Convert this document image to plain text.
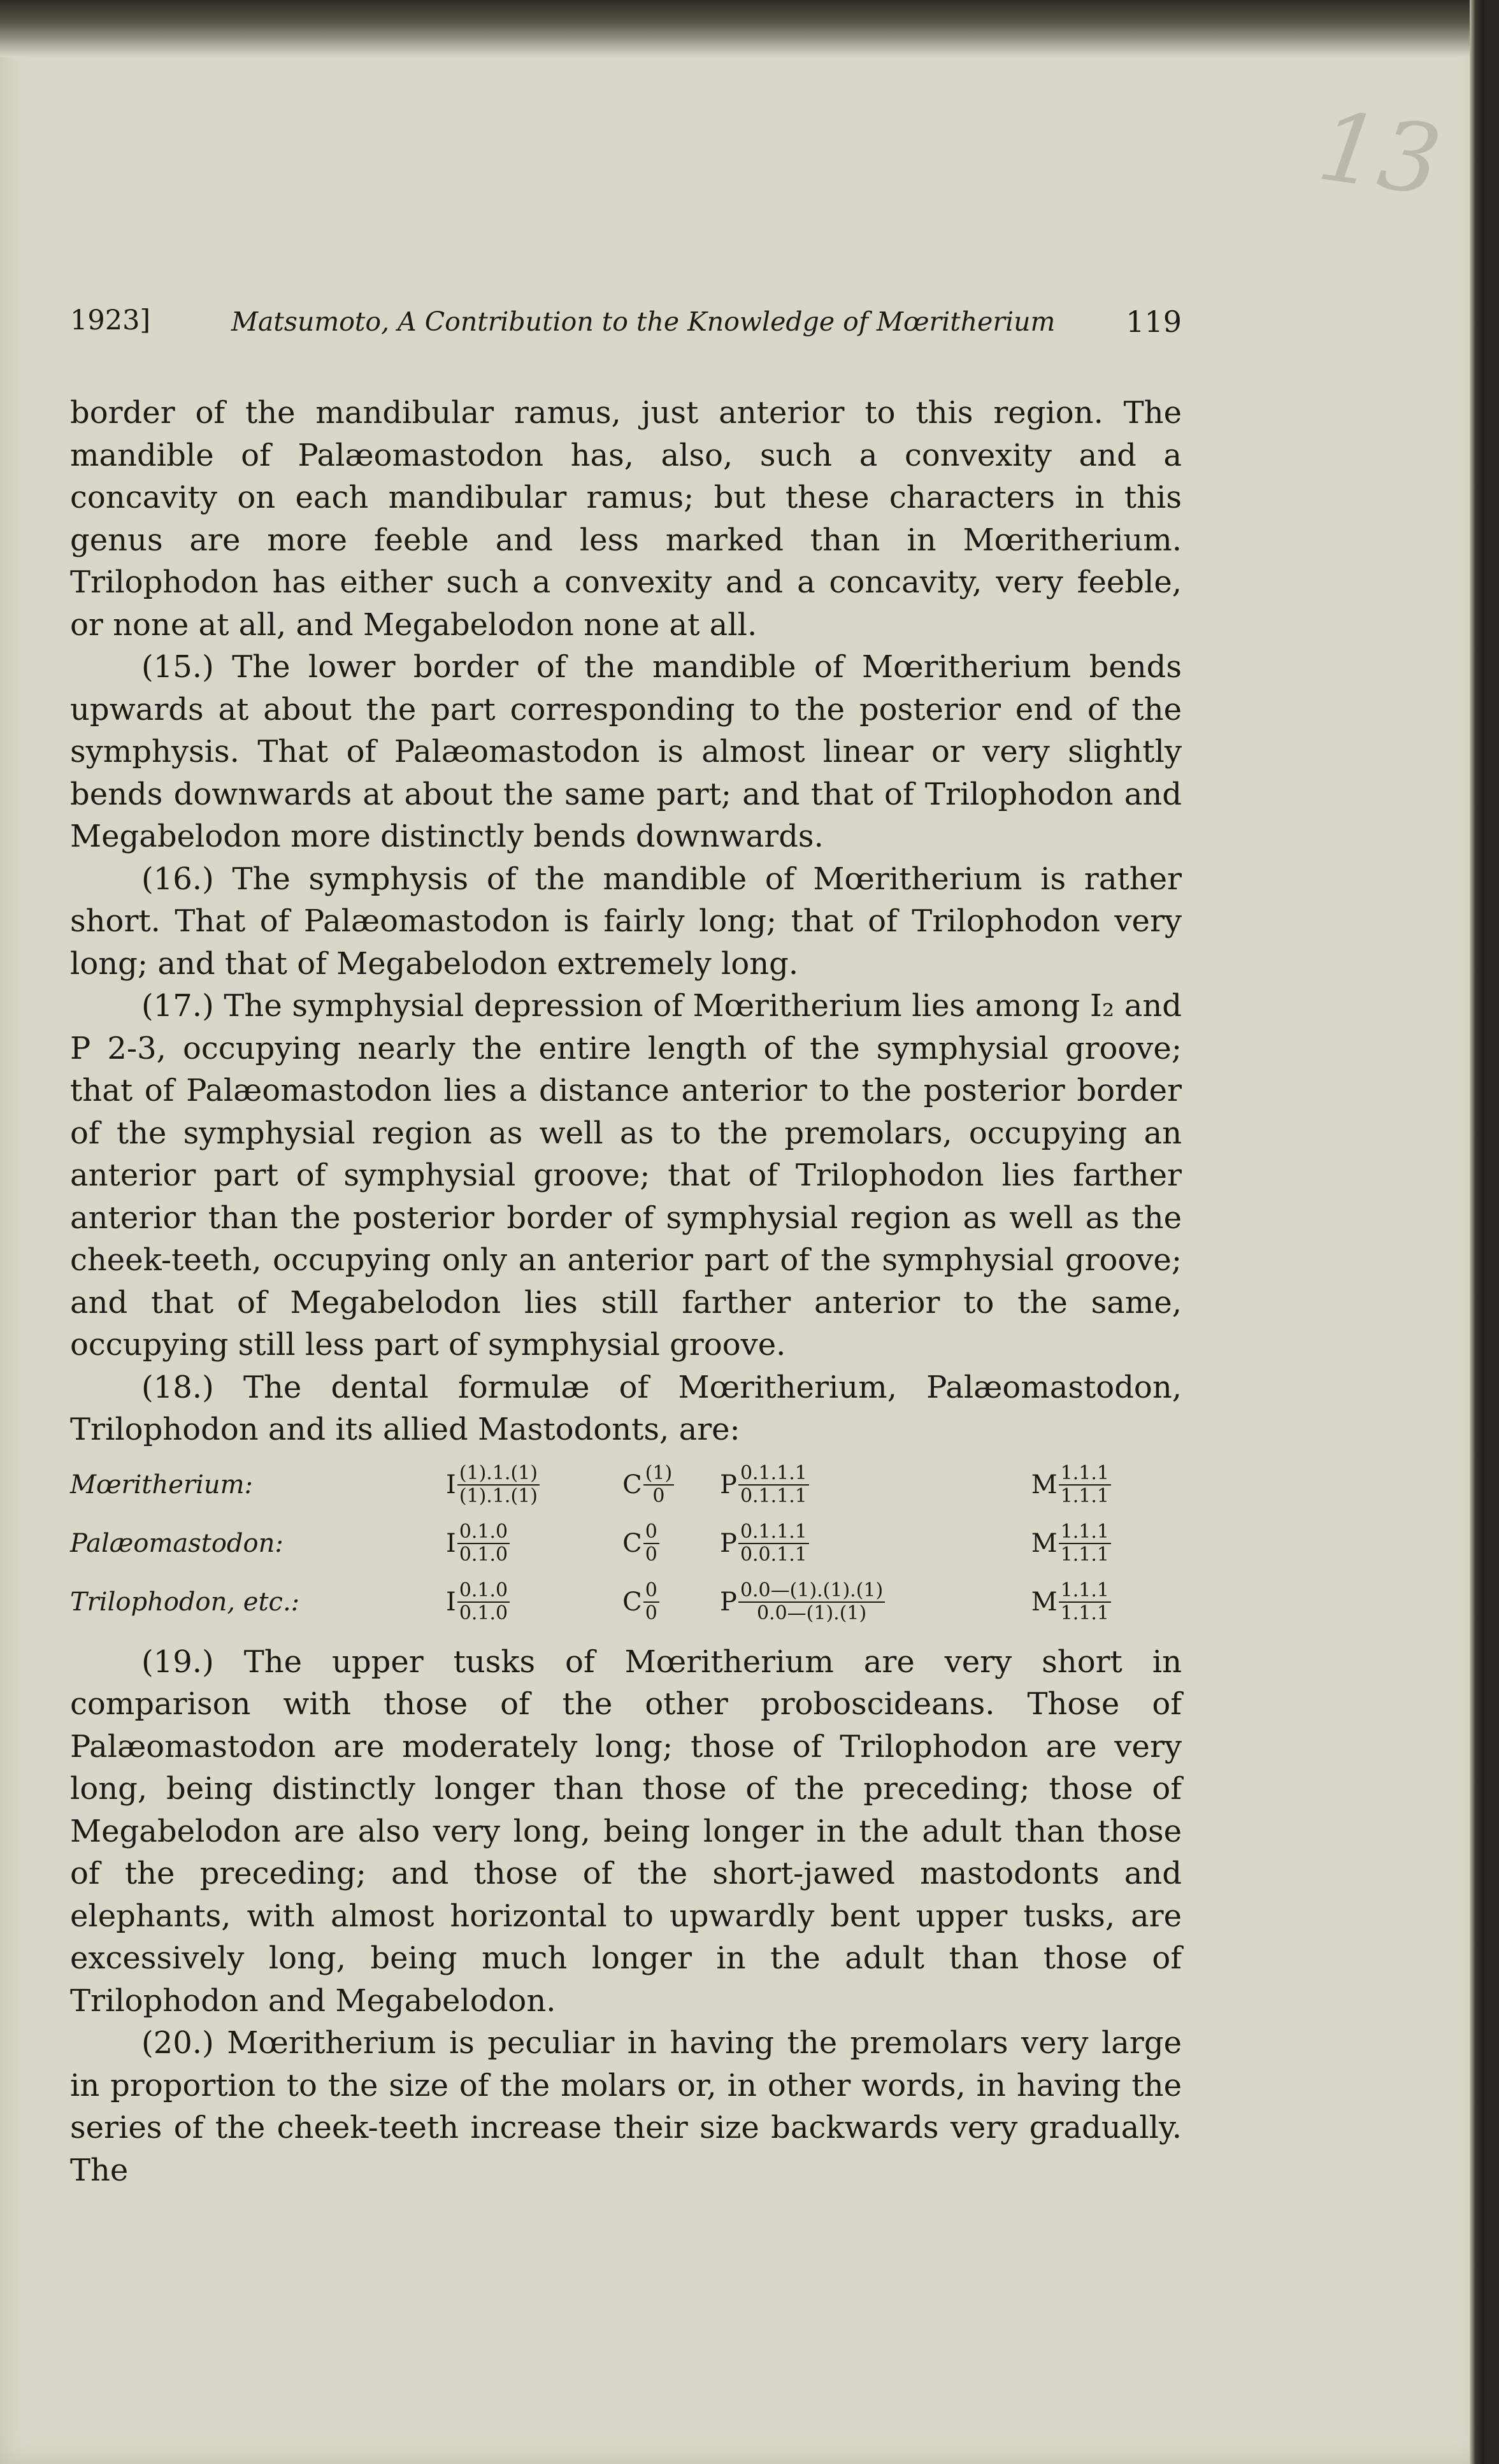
13
1923]	Matsumoto, A Contribution to the Knowledge of Mœritherium 119

border of the mandibular ramus, just anterior to this region. The mandible of Palæomastodon has, also, such a convexity and a concavity on each mandibular ramus; but these characters in this genus are more feeble and less marked than in Mœritherium. Trilophodon has either such a convexity and a concavity, very feeble, or none at all, and Megabelodon none at all.

(15.) The lower border of the mandible of Mœritherium bends upwards at about the part corresponding to the posterior end of the symphysis. That of Palæomastodon is almost linear or very slightly bends downwards at about the same part; and that of Trilophodon and Megabelodon more distinctly bends downwards.

(16.) The symphysis of the mandible of Mœritherium is rather short. That of Palæomastodon is fairly long; that of Trilophodon very long; and that of Megabelodon extremely long.

(17.) The symphysial depression of Mœritherium lies among I₂ and P 2-3, occupying nearly the entire length of the symphysial groove; that of Palæomastodon lies a distance anterior to the posterior border of the symphysial region as well as to the premolars, occupying an anterior part of symphysial groove; that of Trilophodon lies farther anterior than the posterior border of symphysial region as well as the cheek-teeth, occupying only an anterior part of the symphysial groove; and that of Megabelodon lies still farther anterior to the same, occupying still less part of symphysial groove.

(18.) The dental formulæ of Mœritherium, Palæomastodon, Trilophodon and its allied Mastodonts, are:

Mœritherium:	I $\frac{(1).1.(1)}{(1).1.(1)}$	C $\frac{(1)}{0}$	P $\frac{0.1.1.1}{0.1.1.1}$	M $\frac{1.1.1}{1.1.1}$

Palæomastodon:	I $\frac{0.1.0}{0.1.0}$	C $\frac{0}{0}$	P $\frac{0.1.1.1}{0.0.1.1}$	M $\frac{1.1.1}{1.1.1}$

Trilophodon, etc.:	I $\frac{0.1.0}{0.1.0}$	C $\frac{0}{0}$	P $\frac{0.0—(1).(1).(1)}{0.0—(1).(1)}$	M $\frac{1.1.1}{1.1.1}$

(19.) The upper tusks of Mœritherium are very short in comparison with those of the other proboscideans. Those of Palæomastodon are moderately long; those of Trilophodon are very long, being distinctly longer than those of the preceding; those of Megabelodon are also very long, being longer in the adult than those of the preceding; and those of the short-jawed mastodonts and elephants, with almost horizontal to upwardly bent upper tusks, are excessively long, being much longer in the adult than those of Trilophodon and Megabelodon.

(20.) Mœritherium is peculiar in having the premolars very large in proportion to the size of the molars or, in other words, in having the series of the cheek-teeth increase their size backwards very gradually. The
